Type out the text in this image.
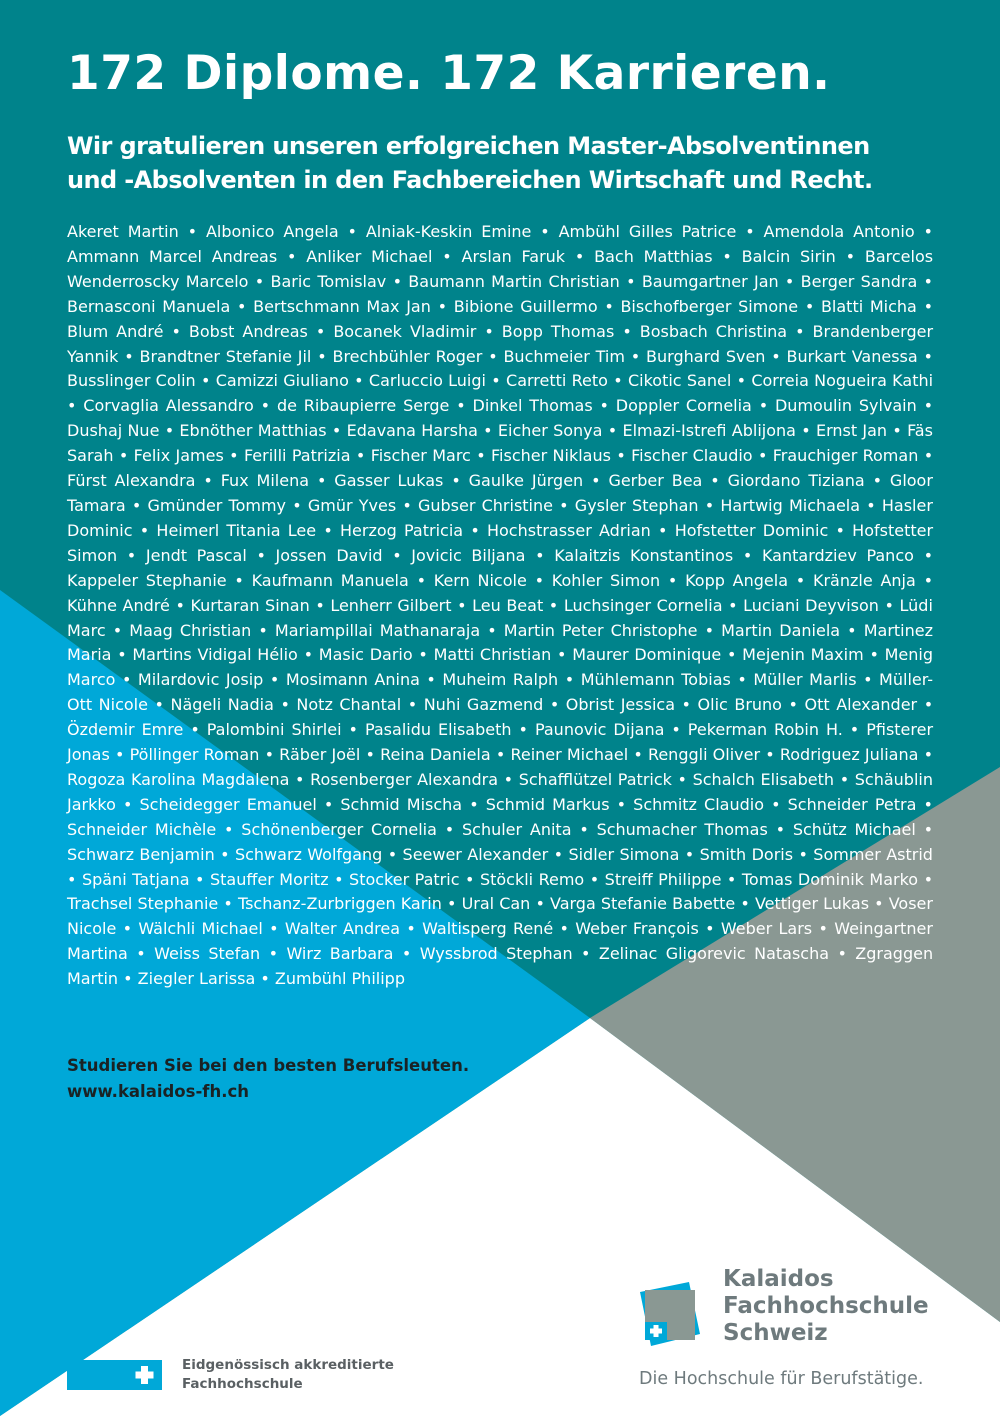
172 Diplome. 172 Karrieren.
Wir gratulieren unseren erfolgreichen Master-Absolventinnen
und -Absolventen in den Fachbereichen Wirtschaft und Recht.
Akeret Martin • Albonico Angela • Alniak-Keskin Emine • Ambühl Gilles Patrice • Amendola Antonio • Ammann Marcel Andreas • Anliker Michael • Arslan Faruk • Bach Matthias • Balcin Sirin • Barcelos Wenderroscky Marcelo • Baric Tomislav • Baumann Martin Christian • Baumgartner Jan • Berger Sandra • Bernasconi Manuela • Bertschmann Max Jan • Bibione Guillermo • Bischofberger Simone • Blatti Micha • Blum André • Bobst Andreas • Bocanek Vladimir • Bopp Thomas • Bosbach Christina • Brandenberger Yannik • Brandtner Stefanie Jil • Brechbühler Roger • Buchmeier Tim • Burghard Sven • Burkart Vanessa • Busslinger Colin • Camizzi Giuliano • Carluccio Luigi • Carretti Reto • Cikotic Sanel • Correia Nogueira Kathi • Corvaglia Alessandro • de Ribaupierre Serge • Dinkel Thomas • Doppler Cornelia • Dumoulin Sylvain • Dushaj Nue • Ebnöther Matthias • Edavana Harsha • Eicher Sonya • Elmazi-Istrefi Ablijona • Ernst Jan • Fäs Sarah • Felix James • Ferilli Patrizia • Fischer Marc • Fischer Niklaus • Fischer Claudio • Frauchiger Roman • Fürst Alexandra • Fux Milena • Gasser Lukas • Gaulke Jürgen • Gerber Bea • Giordano Tiziana • Gloor Tamara • Gmünder Tommy • Gmür Yves • Gubser Christine • Gysler Stephan • Hartwig Michaela • Hasler Dominic • Heimerl Titania Lee • Herzog Patricia • Hochstrasser Adrian • Hofstetter Dominic • Hofstetter Simon • Jendt Pascal • Jossen David • Jovicic Biljana • Kalaitzis Konstantinos • Kantardziev Panco • Kappeler Stephanie • Kaufmann Manuela • Kern Nicole • Kohler Simon • Kopp Angela • Kränzle Anja • Kühne André • Kurtaran Sinan • Lenherr Gilbert • Leu Beat • Luchsinger Cornelia • Luciani Deyvison • Lüdi Marc • Maag Christian • Mariampillai Mathanaraja • Martin Peter Christophe • Martin Daniela • Martinez Maria • Martins Vidigal Hélio • Masic Dario • Matti Christian • Maurer Dominique • Mejenin Maxim • Menig Marco • Milardovic Josip • Mosimann Anina • Muheim Ralph • Mühlemann Tobias • Müller Marlis • Müller-Ott Nicole • Nägeli Nadia • Notz Chantal • Nuhi Gazmend • Obrist Jessica • Olic Bruno • Ott Alexander • Özdemir Emre • Palombini Shirlei • Pasalidu Elisabeth • Paunovic Dijana • Pekerman Robin H. • Pfisterer Jonas • Pöllinger Roman • Räber Joël • Reina Daniela • Reiner Michael • Renggli Oliver • Rodriguez Juliana • Rogoza Karolina Magdalena • Rosenberger Alexandra • Schafflützel Patrick • Schalch Elisabeth • Schäublin Jarkko • Scheidegger Emanuel • Schmid Mischa • Schmid Markus • Schmitz Claudio • Schneider Petra • Schneider Michèle • Schönenberger Cornelia • Schuler Anita • Schumacher Thomas • Schütz Michael • Schwarz Benjamin • Schwarz Wolfgang • Seewer Alexander • Sidler Simona • Smith Doris • Sommer Astrid • Späni Tatjana • Stauffer Moritz • Stocker Patric • Stöckli Remo • Streiff Philippe • Tomas Dominik Marko • Trachsel Stephanie • Tschanz-Zurbriggen Karin • Ural Can • Varga Stefanie Babette • Vettiger Lukas • Voser Nicole • Wälchli Michael • Walter Andrea • Waltisperg René • Weber François • Weber Lars • Weingartner Martina • Weiss Stefan • Wirz Barbara • Wyssbrod Stephan • Zelinac Gligorevic Natascha • Zgraggen Martin • Ziegler Larissa • Zumbühl Philipp
Studieren Sie bei den besten Berufsleuten.
www.kalaidos-fh.ch
Eidgenössisch akkreditierte
Fachhochschule
Kalaidos
Fachhochschule
Schweiz
Die Hochschule für Berufstätige.
